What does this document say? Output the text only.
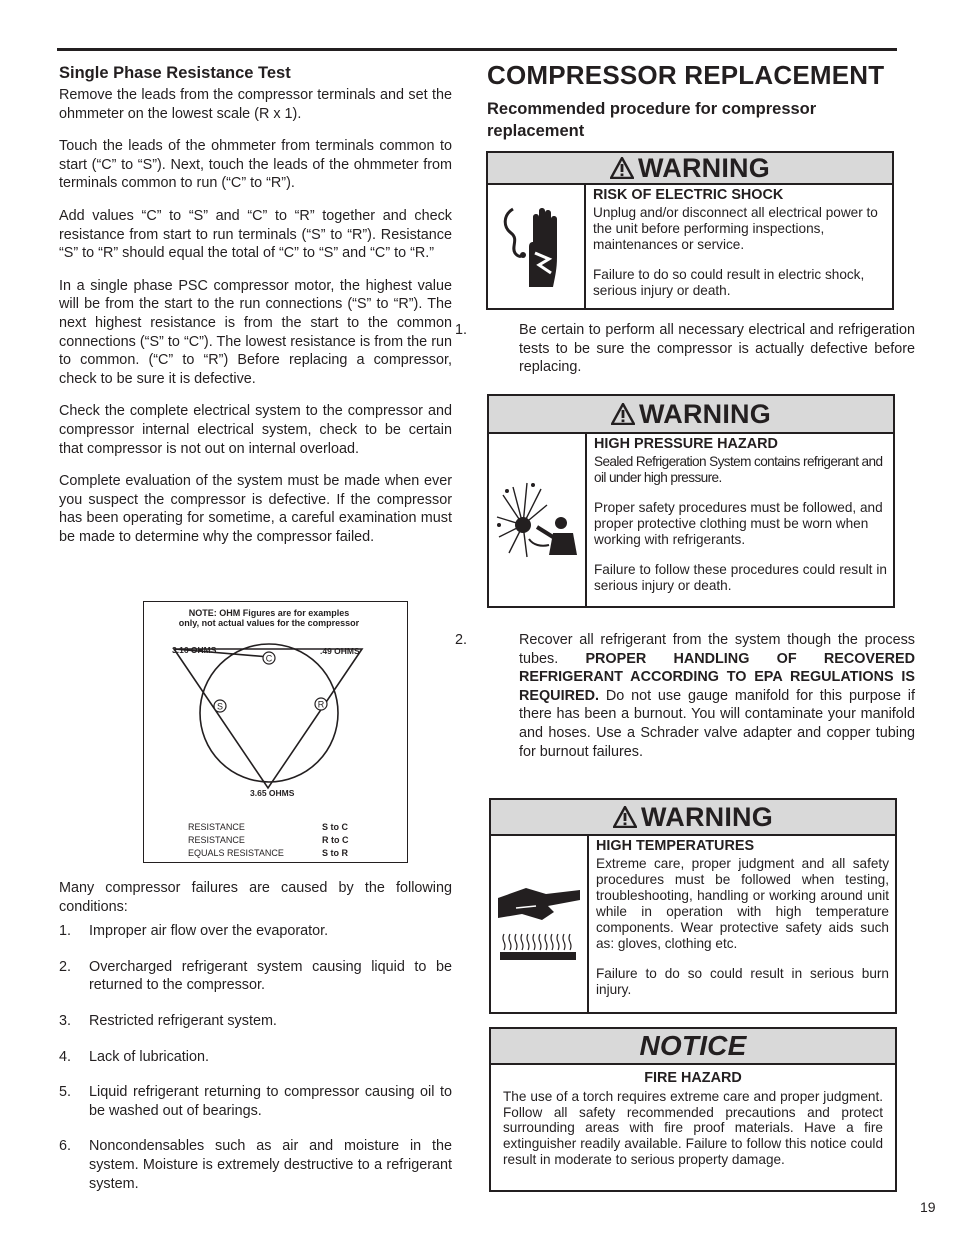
Single Phase Resistance Test

Remove the leads from the compressor terminals and set the ohmmeter on the lowest scale (R x 1).

Touch the leads of the ohmmeter from terminals common to start (“C” to “S”). Next, touch the leads of the ohmmeter from terminals common to run (“C” to “R”).

Add values “C” to “S” and “C” to “R” together and check resistance from start to run terminals (“S” to “R”). Resistance “S” to “R” should equal the total of “C” to “S” and “C” to “R.”

In a single phase PSC compressor motor, the highest value will be from the start to the run connections (“S” to “R”). The next highest resistance is from the start to the common connections (“S” to “C”). The lowest resistance is from the run to common. (“C” to “R”) Before replacing a compressor, check to be sure it is defective.

Check the complete electrical system to the compressor and compressor internal electrical system, check to be certain that compressor is not out on internal overload.

Complete evaluation of the system must be made when ever you suspect the compressor is defective. If the compressor has been operating for sometime, a careful examination must be made to determine why the compressor failed.

NOTE: OHM Figures are for examples
only, not actual values for the compressor
C
S	R
3.16 OHMS	.49 OHMS
3.65 OHMS
RESISTANCE	S to C
RESISTANCE	R to C
EQUALS RESISTANCE	S to R

Many compressor failures are caused by the following conditions:

1.	Improper air flow over the evaporator.
2.	Overcharged refrigerant system causing liquid to be returned to the compressor.
3.	Restricted refrigerant system.
4.	Lack of lubrication.
5.	Liquid refrigerant returning to compressor causing oil to be washed out of bearings.
6.	Noncondensables such as air and moisture in the system. Moisture is extremely destructive to a refrigerant system.
COMPRESSOR REPLACEMENT
Recommended procedure for compressor replacement
WARNING
RISK OF ELECTRIC SHOCK

Unplug and/or disconnect all electrical power to the unit before performing inspections, maintenances or service.

Failure to do so could result in electric shock, serious injury or death.

1.	Be certain to perform all necessary electrical and refrigeration tests to be sure the compressor is actually defective before replacing.
WARNING
HIGH PRESSURE HAZARD

Sealed Refrigeration System contains refrigerant and oil under high pressure.

Proper safety procedures must be followed, and proper protective clothing must be worn when working with refrigerants.

Failure to follow these procedures could result in serious injury or death.

2.	Recover all refrigerant from the system though the process tubes. PROPER HANDLING OF RECOVERED REFRIGERANT ACCORDING TO EPA REGULATIONS IS REQUIRED. Do not use gauge manifold for this purpose if there has been a burnout. You will contaminate your manifold and hoses. Use a Schrader valve adapter and copper tubing for burnout failures.
WARNING
HIGH TEMPERATURES

Extreme care, proper judgment and all safety procedures must be followed when testing, troubleshooting, handling or working around unit while in operation with high temperature components. Wear protective safety aids such as: gloves, clothing etc.

Failure to do so could result in serious burn injury.

NOTICE
FIRE HAZARD
The use of a torch requires extreme care and proper judgment. Follow all safety recommended precautions and protect surrounding areas with fire proof materials. Have a fire extinguisher readily available. Failure to follow this notice could result in moderate to serious property damage.
19
